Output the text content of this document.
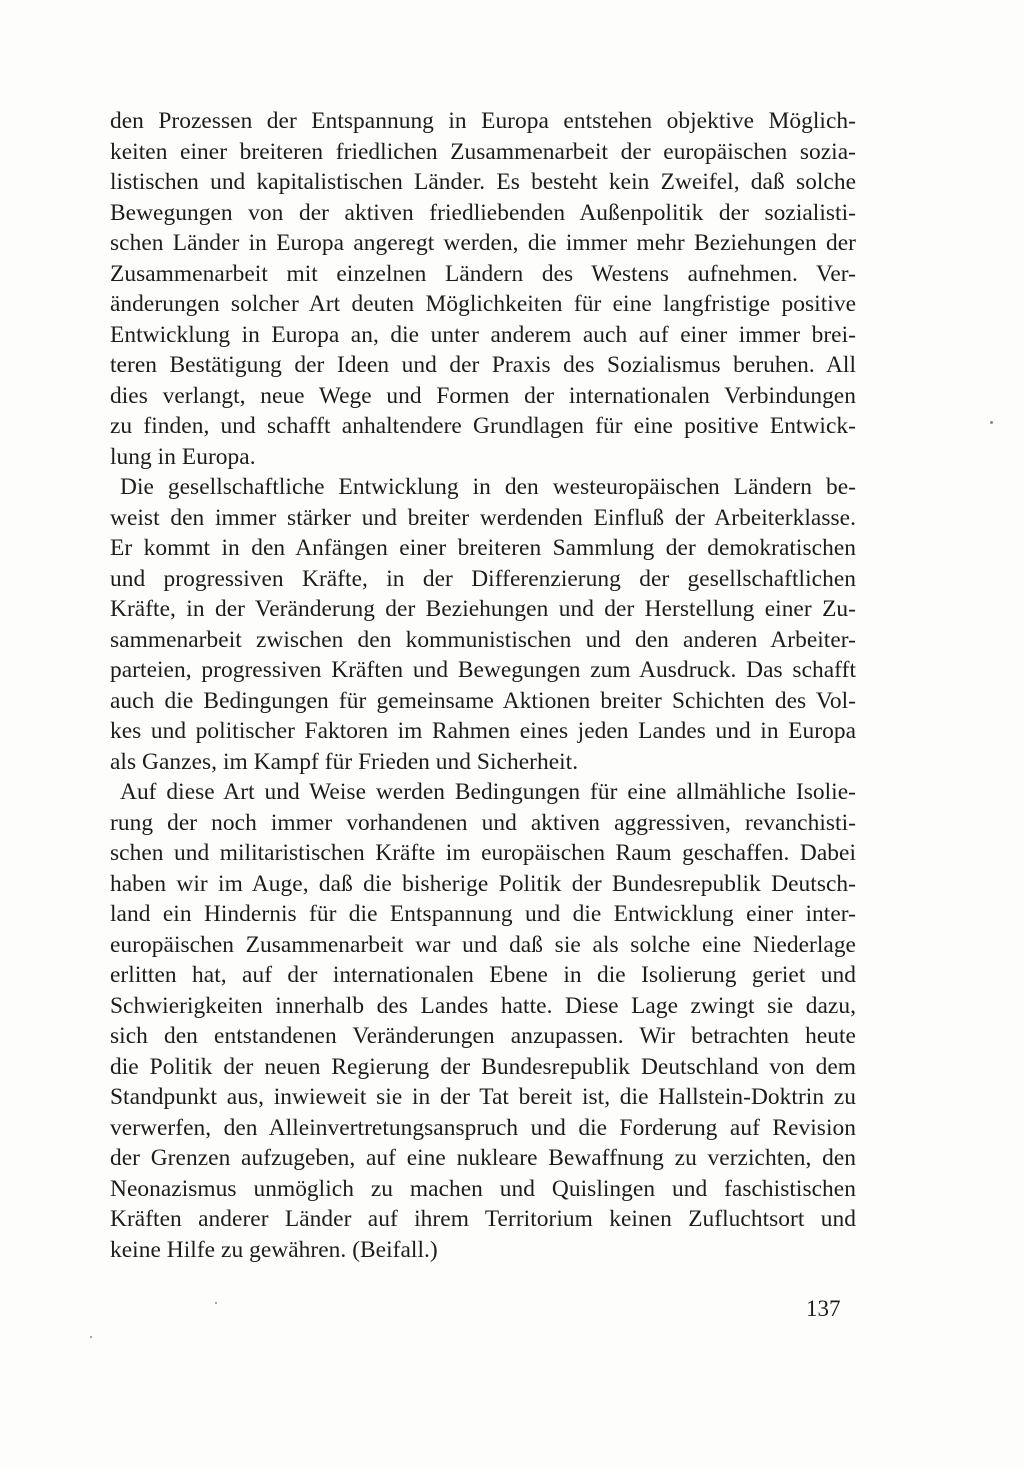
den Prozessen der Entspannung in Europa entstehen objektive Möglich-
keiten einer breiteren friedlichen Zusammenarbeit der europäischen sozia-
listischen und kapitalistischen Länder. Es besteht kein Zweifel, daß solche
Bewegungen von der aktiven friedliebenden Außenpolitik der sozialisti-
schen Länder in Europa angeregt werden, die immer mehr Beziehungen der
Zusammenarbeit mit einzelnen Ländern des Westens aufnehmen. Ver-
änderungen solcher Art deuten Möglichkeiten für eine langfristige positive
Entwicklung in Europa an, die unter anderem auch auf einer immer brei-
teren Bestätigung der Ideen und der Praxis des Sozialismus beruhen. All
dies verlangt, neue Wege und Formen der internationalen Verbindungen
zu finden, und schafft anhaltendere Grundlagen für eine positive Entwick-
lung in Europa.
Die gesellschaftliche Entwicklung in den westeuropäischen Ländern be-
weist den immer stärker und breiter werdenden Einfluß der Arbeiterklasse.
Er kommt in den Anfängen einer breiteren Sammlung der demokratischen
und progressiven Kräfte, in der Differenzierung der gesellschaftlichen
Kräfte, in der Veränderung der Beziehungen und der Herstellung einer Zu-
sammenarbeit zwischen den kommunistischen und den anderen Arbeiter-
parteien, progressiven Kräften und Bewegungen zum Ausdruck. Das schafft
auch die Bedingungen für gemeinsame Aktionen breiter Schichten des Vol-
kes und politischer Faktoren im Rahmen eines jeden Landes und in Europa
als Ganzes, im Kampf für Frieden und Sicherheit.
Auf diese Art und Weise werden Bedingungen für eine allmähliche Isolie-
rung der noch immer vorhandenen und aktiven aggressiven, revanchisti-
schen und militaristischen Kräfte im europäischen Raum geschaffen. Dabei
haben wir im Auge, daß die bisherige Politik der Bundesrepublik Deutsch-
land ein Hindernis für die Entspannung und die Entwicklung einer inter-
europäischen Zusammenarbeit war und daß sie als solche eine Niederlage
erlitten hat, auf der internationalen Ebene in die Isolierung geriet und
Schwierigkeiten innerhalb des Landes hatte. Diese Lage zwingt sie dazu,
sich den entstandenen Veränderungen anzupassen. Wir betrachten heute
die Politik der neuen Regierung der Bundesrepublik Deutschland von dem
Standpunkt aus, inwieweit sie in der Tat bereit ist, die Hallstein-Doktrin zu
verwerfen, den Alleinvertretungsanspruch und die Forderung auf Revision
der Grenzen aufzugeben, auf eine nukleare Bewaffnung zu verzichten, den
Neonazismus unmöglich zu machen und Quislingen und faschistischen
Kräften anderer Länder auf ihrem Territorium keinen Zufluchtsort und
keine Hilfe zu gewähren. (Beifall.)
137
